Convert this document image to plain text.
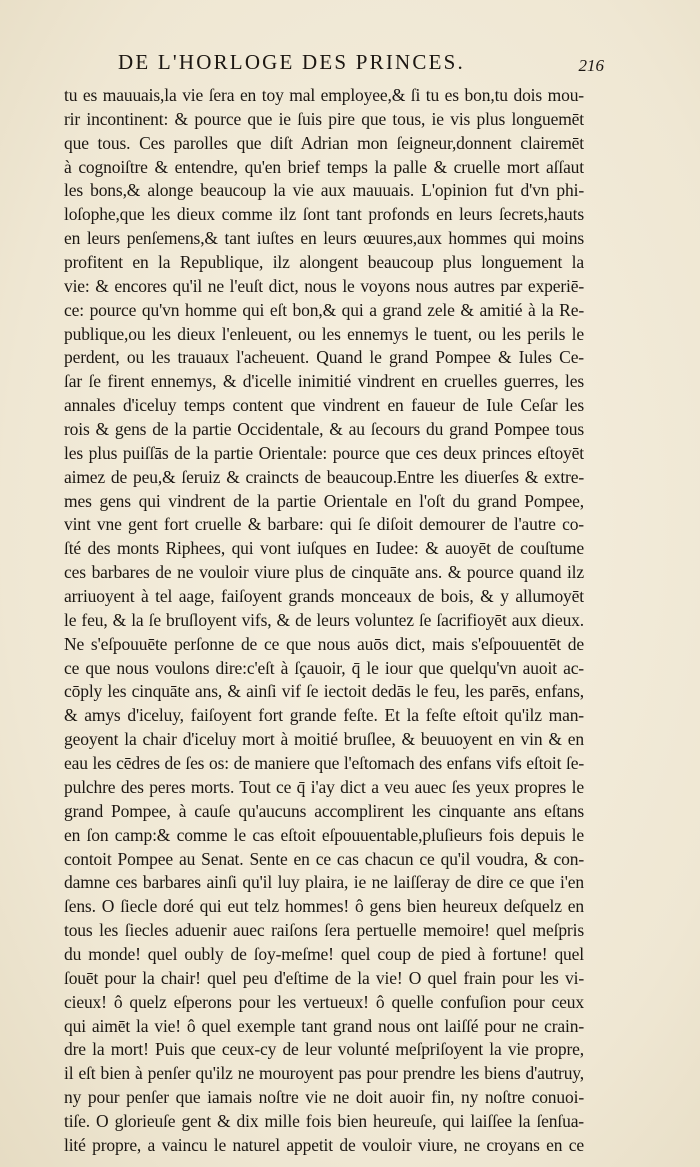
DE L'HORLOGE DES PRINCES.	216
tu es mauuais,la vie ſera en toy mal employee,& ſi tu es bon,tu dois mou-
rir incontinent: & pource que ie ſuis pire que tous, ie vis plus longuemēt
que tous. Ces parolles que diſt Adrian mon ſeigneur,donnent clairemēt
à cognoiſtre & entendre, qu'en brief temps la palle & cruelle mort aſſaut
les bons,& alonge beaucoup la vie aux mauuais. L'opinion fut d'vn phi-
loſophe,que les dieux comme ilz ſont tant profonds en leurs ſecrets,hauts
en leurs penſemens,& tant iuſtes en leurs œuures,aux hommes qui moins
profitent en la Republique, ilz alongent beaucoup plus longuement la
vie: & encores qu'il ne l'euſt dict, nous le voyons nous autres par experiē-
ce: pource qu'vn homme qui eſt bon,& qui a grand zele & amitié à la Re-
publique,ou les dieux l'enleuent, ou les ennemys le tuent, ou les perils le
perdent, ou les trauaux l'acheuent. Quand le grand Pompee & Iules Ce-
ſar ſe firent ennemys, & d'icelle inimitié vindrent en cruelles guerres, les
annales d'iceluy temps content que vindrent en faueur de Iule Ceſar les
rois & gens de la partie Occidentale, & au ſecours du grand Pompee tous
les plus puiſſās de la partie Orientale: pource que ces deux princes eſtoyēt
aimez de peu,& ſeruiz & craincts de beaucoup.Entre les diuerſes & extre-
mes gens qui vindrent de la partie Orientale en l'oſt du grand Pompee,
vint vne gent fort cruelle & barbare: qui ſe diſoit demourer de l'autre co-
ſté des monts Riphees, qui vont iuſques en Iudee: & auoyēt de couſtume
ces barbares de ne vouloir viure plus de cinquāte ans. & pource quand ilz
arriuoyent à tel aage, faiſoyent grands monceaux de bois, & y allumoyēt
le feu, & la ſe bruſloyent vifs, & de leurs voluntez ſe ſacrifioyēt aux dieux.
Ne s'eſpouuēte perſonne de ce que nous auōs dict, mais s'eſpouuentēt de
ce que nous voulons dire:c'eſt à ſçauoir, q̄ le iour que quelqu'vn auoit ac-
cōply les cinquāte ans, & ainſi vif ſe iectoit dedās le feu, les parēs, enfans,
& amys d'iceluy, faiſoyent fort grande feſte. Et la feſte eſtoit qu'ilz man-
geoyent la chair d'iceluy mort à moitié bruſlee, & beuuoyent en vin & en
eau les cēdres de ſes os: de maniere que l'eſtomach des enfans vifs eſtoit ſe-
pulchre des peres morts. Tout ce q̄ i'ay dict a veu auec ſes yeux propres le
grand Pompee, à cauſe qu'aucuns accomplirent les cinquante ans eſtans
en ſon camp:& comme le cas eſtoit eſpouuentable,pluſieurs fois depuis le
contoit Pompee au Senat. Sente en ce cas chacun ce qu'il voudra, & con-
damne ces barbares ainſi qu'il luy plaira, ie ne laiſſeray de dire ce que i'en
ſens. O ſiecle doré qui eut telz hommes! ô gens bien heureux deſquelz en
tous les ſiecles aduenir auec raiſons ſera pertuelle memoire! quel meſpris
du monde! quel oubly de ſoy-meſme! quel coup de pied à fortune! quel
ſouēt pour la chair! quel peu d'eſtime de la vie! O quel frain pour les vi-
cieux! ô quelz eſperons pour les vertueux! ô quelle confuſion pour ceux
qui aimēt la vie! ô quel exemple tant grand nous ont laiſſé pour ne crain-
dre la mort! Puis que ceux-cy de leur volunté meſpriſoyent la vie propre,
il eſt bien à penſer qu'ilz ne mouroyent pas pour prendre les biens d'autruy,
ny pour penſer que iamais noſtre vie ne doit auoir fin, ny noſtre conuoi-
tiſe. O glorieuſe gent & dix mille fois bien heureuſe, qui laiſſee la ſenſua-
lité propre, a vaincu le naturel appetit de vouloir viure, ne croyans en ce
